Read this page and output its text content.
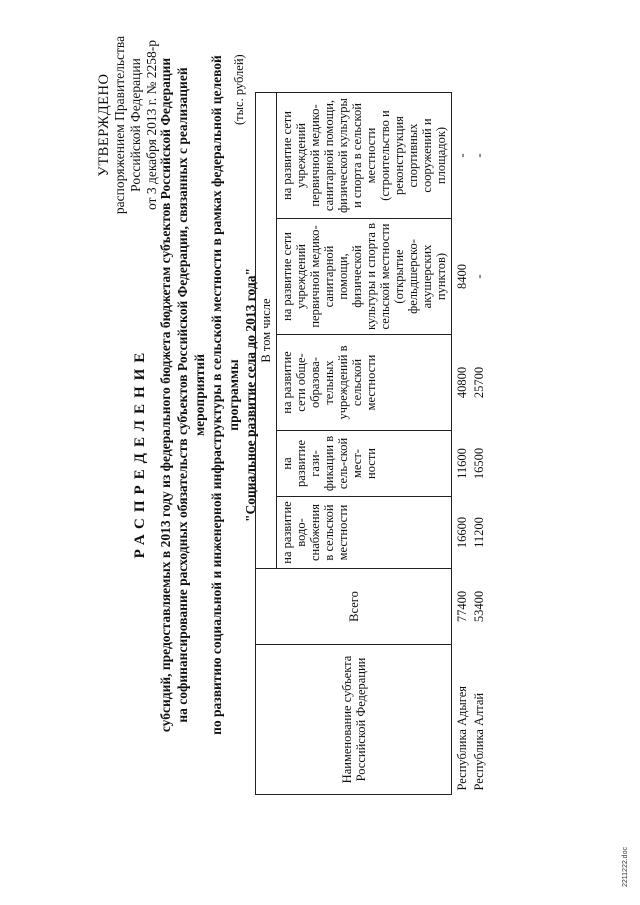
УТВЕРЖДЕНО распоряжением Правительства Российской Федерации от 3 декабря 2013 г. № 2258-р
РАСПРЕДЕЛЕНИЕ субсидий, предоставляемых в 2013 году из федерального бюджета бюджетам субъектов Российской Федерации на софинансирование расходных обязательств субъектов Российской Федерации, связанных с реализацией мероприятий по развитию социальной и инженерной инфраструктуры в сельской местности в рамках федеральной целевой программы "Социальное развитие села до 2013 года"
(тыс. рублей)
Наименование субъекта Российской Федерации	Всего	В том числе				
		на развитие водо-снабжения в сельской местности	на развитие гази-фикации в сель-ской мест-ности	на развитие сети обще-образова-тельных учреждений в сельской местности	на развитие сети учреждений первичной медико-санитарной помощи, физической культуры и спорта в сельской местности (открытие фельдшерско-акушерских пунктов)	на развитие сети учреждений первичной медико-санитарной помощи, физической культуры и спорта в сельской местности (строительство и реконструкция спортивных сооружений и площадок)
Республика Адыгея	77400	16600	11600	40800	8400	-
Республика Алтай	53400	11200	16500	25700	-	-
2211222.doc
